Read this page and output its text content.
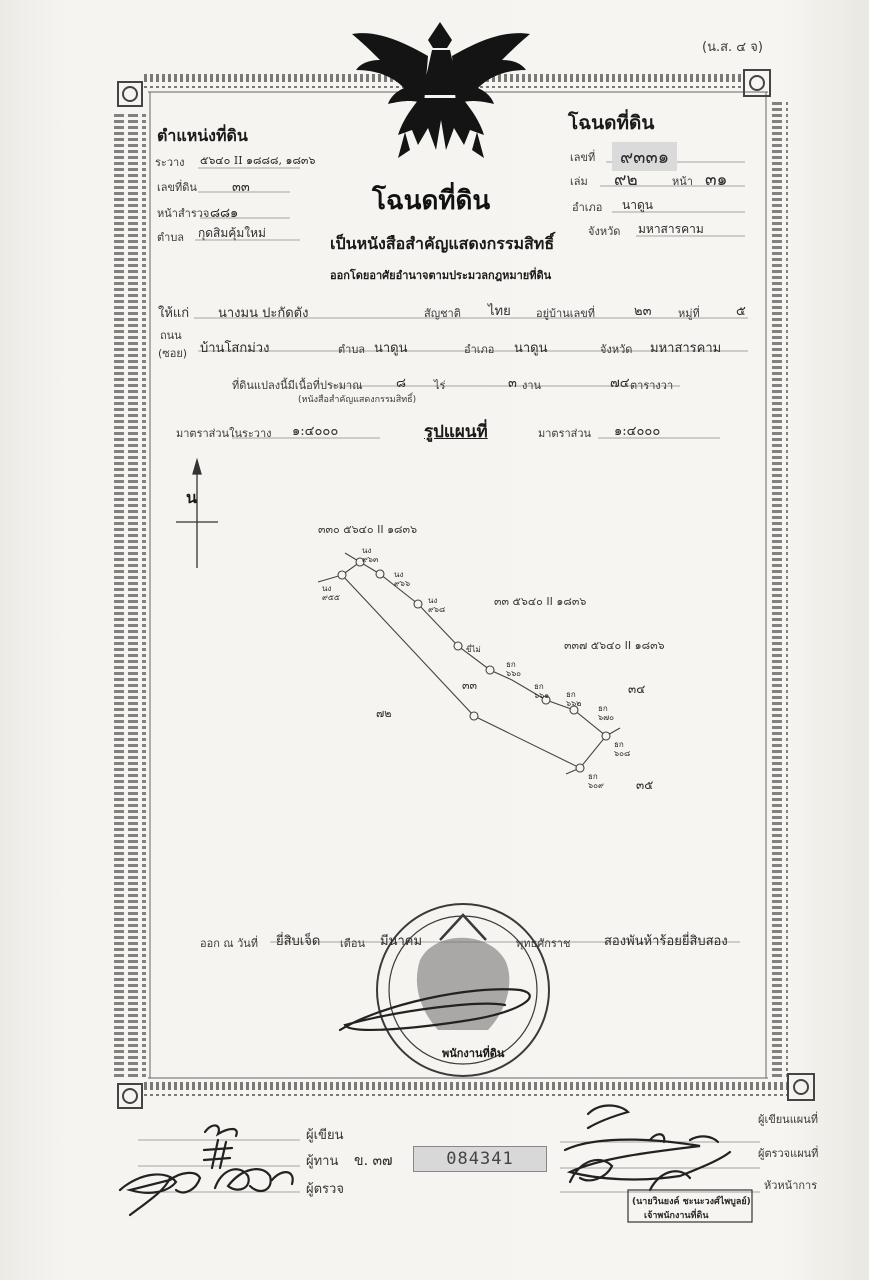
(น.ส. ๔ จ)
ตำแหน่งที่ดิน
ระวาง ๕๖๔๐ II ๑๘๘๘, ๑๘๓๖
เลขที่ดิน	๓๓
หน้าสำรวจ ๘๘๑
ตำบล กุดสิมคุ้มใหม่
โฉนดที่ดิน
เป็นหนังสือสำคัญแสดงกรรมสิทธิ์
ออกโดยอาศัยอำนาจตามประมวลกฎหมายที่ดิน
โฉนดที่ดิน
เลขที่	๙๓๓๑
เล่ม ๙๒	หน้า ๓๑
อำเภอ นาดูน
จังหวัด มหาสารคาม
ให้แก่ นางมน ปะกัดตัง	สัญชาติ ไทย อยู่บ้านเลขที่	๒๓ หมู่ที่	๕
ถนน
(ซอย) บ้านโสกม่วง	ตำบล นาดูน	อำเภอ นาดูน	จังหวัด มหาสารคาม
ที่ดินแปลงนี้มีเนื้อที่ประมาณ	๘	ไร่	๓ งาน	๗๔ ตารางวา
(หนังสือสำคัญแสดงกรรมสิทธิ์)
มาตราส่วนในระวาง ๑:๔๐๐๐	รูปแผนที่	มาตราส่วน ๑:๔๐๐๐
น
๓๓๐ ๕๖๔๐ II ๑๘๓๖
๓๓ ๕๖๔๐ II ๑๘๓๖
๓๓๗ ๕๖๔๐ II ๑๘๓๖
๓๓
๗๒
๓๔
๓๕
นง
๙๕๕
นง
๙๖๓
นง
๙๖๖
นง
๙๖๘

ขี่ไม่
ธก
๖๖๐
ธก
๖๖๑ ธก
๖๖๒
ธก
๖๗๐
ธก
๖๐๘
ธก
๖๐๙
ออก ณ วันที่ ยี่สิบเจ็ด เดือน มีนาคม	พุทธศักราช	สองพันห้าร้อยยี่สิบสอง
พนักงานที่ดิน
ผู้เขียน
ผู้ทาน
ผู้ตรวจ
ข. ๓๗	084341
ผู้เขียนแผนที่
ผู้ตรวจแผนที่
หัวหน้าการ
(นายวินยงค์ ชะนะวงศ์ไพบูลย์)
เจ้าพนักงานที่ดิน
